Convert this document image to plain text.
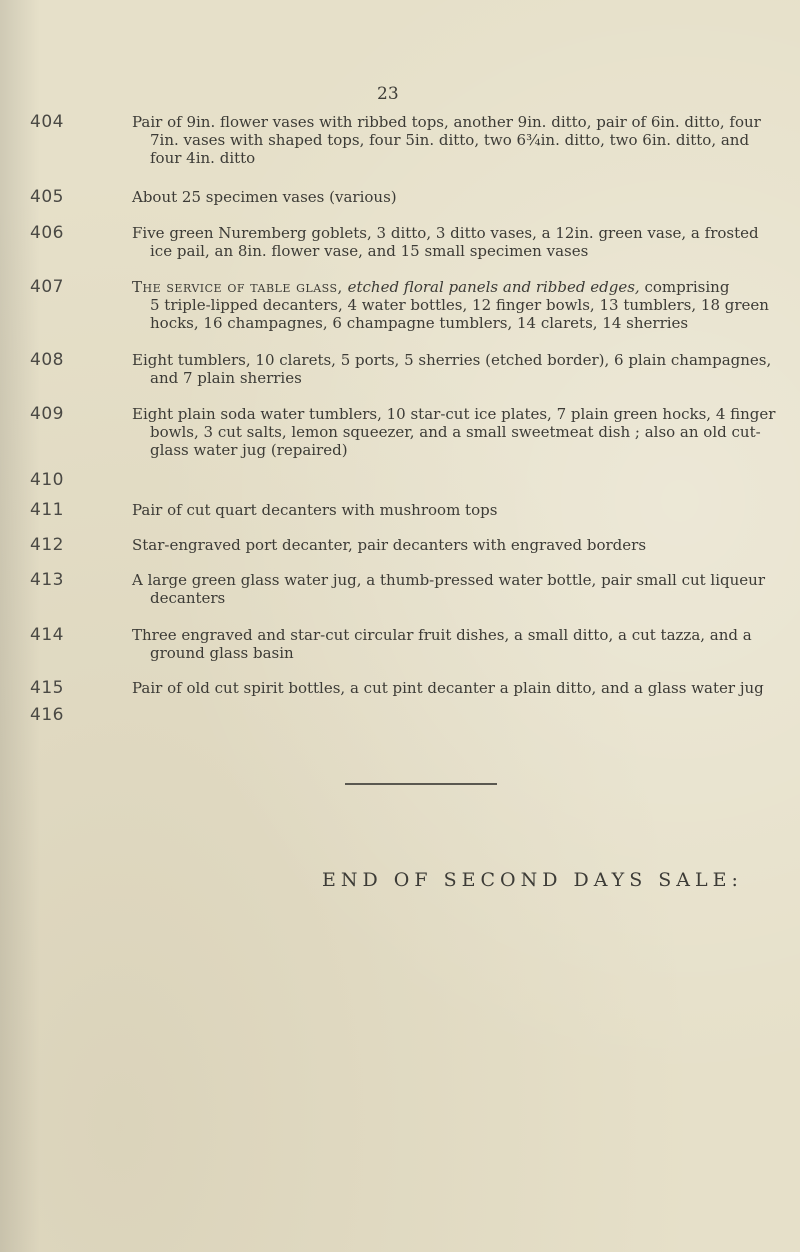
23
404	Pair of 9in. flower vases with ribbed tops, another 9in. ditto, pair of 6in. ditto, four
7in. vases with shaped tops, four 5in. ditto, two 6¾in. ditto, two 6in. ditto, and
four 4in. ditto
405	About 25 specimen vases (various)
406	Five green Nuremberg goblets, 3 ditto, 3 ditto vases, a 12in. green vase, a frosted
ice pail, an 8in. flower vase, and 15 small specimen vases
407	The service of table glass, etched floral panels and ribbed edges, comprising
5 triple-lipped decanters, 4 water bottles, 12 finger bowls, 13 tumblers, 18 green
hocks, 16 champagnes, 6 champagne tumblers, 14 clarets, 14 sherries
408	Eight tumblers, 10 clarets, 5 ports, 5 sherries (etched border), 6 plain champagnes,
and 7 plain sherries
409	Eight plain soda water tumblers, 10 star-cut ice plates, 7 plain green hocks, 4 finger
bowls, 3 cut salts, lemon squeezer, and a small sweetmeat dish ; also an old cut-
glass water jug (repaired)
410
411	Pair of cut quart decanters with mushroom tops
412	Star-engraved port decanter, pair decanters with engraved borders
413	A large green glass water jug, a thumb-pressed water bottle, pair small cut liqueur
decanters
414	Three engraved and star-cut circular fruit dishes, a small ditto, a cut tazza, and a
ground glass basin
415	Pair of old cut spirit bottles, a cut pint decanter a plain ditto, and a glass water jug
416
END OF SECOND DAYS SALE:
